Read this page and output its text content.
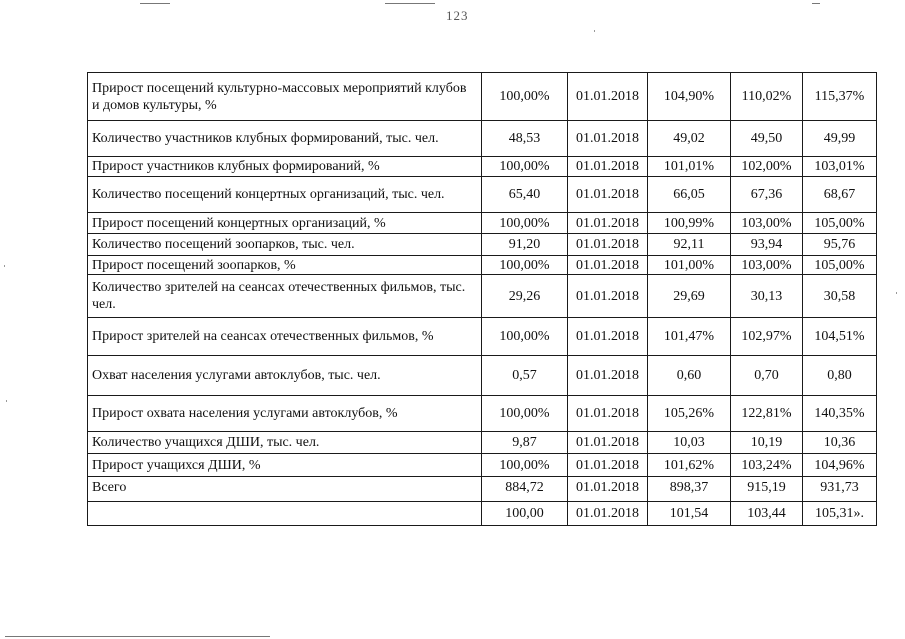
123
Прирост посещений культурно-массовых мероприятий клубов и домов культуры, %	100,00%	01.01.2018	104,90%	110,02%	115,37%
Количество участников клубных формирований, тыс. чел.	48,53	01.01.2018	49,02	49,50	49,99
Прирост участников клубных формирований, %	100,00%	01.01.2018	101,01%	102,00%	103,01%
Количество посещений концертных организаций, тыс. чел.	65,40	01.01.2018	66,05	67,36	68,67
Прирост посещений концертных организаций, %	100,00%	01.01.2018	100,99%	103,00%	105,00%
Количество посещений зоопарков, тыс. чел.	91,20	01.01.2018	92,11	93,94	95,76
Прирост посещений зоопарков, %	100,00%	01.01.2018	101,00%	103,00%	105,00%
Количество зрителей на сеансах отечественных фильмов, тыс. чел.	29,26	01.01.2018	29,69	30,13	30,58
Прирост зрителей на сеансах отечественных фильмов, %	100,00%	01.01.2018	101,47%	102,97%	104,51%
Охват населения услугами автоклубов, тыс. чел.	0,57	01.01.2018	0,60	0,70	0,80
Прирост охвата населения услугами автоклубов, %	100,00%	01.01.2018	105,26%	122,81%	140,35%
Количество учащихся ДШИ, тыс. чел.	9,87	01.01.2018	10,03	10,19	10,36
Прирост учащихся ДШИ, %	100,00%	01.01.2018	101,62%	103,24%	104,96%
Всего	884,72	01.01.2018	898,37	915,19	931,73
	100,00	01.01.2018	101,54	103,44	105,31».
